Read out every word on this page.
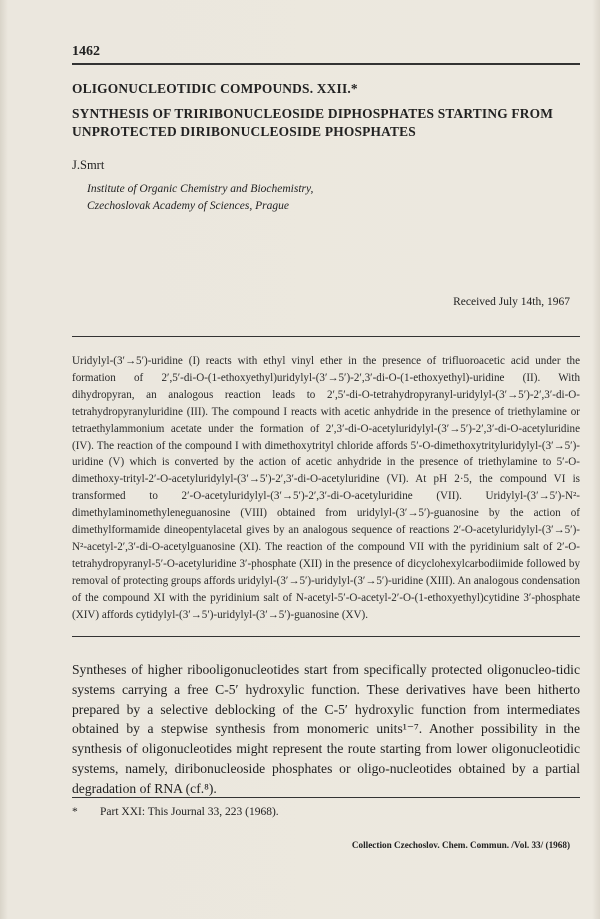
1462
OLIGONUCLEOTIDIC COMPOUNDS. XXII.*
SYNTHESIS OF TRIRIBONUCLEOSIDE DIPHOSPHATES STARTING FROM UNPROTECTED DIRIBONUCLEOSIDE PHOSPHATES
J.Smrt
Institute of Organic Chemistry and Biochemistry,
Czechoslovak Academy of Sciences, Prague
Received July 14th, 1967
Uridylyl-(3′→5′)-uridine (I) reacts with ethyl vinyl ether in the presence of trifluoroacetic acid under the formation of 2′,5′-di-O-(1-ethoxyethyl)uridylyl-(3′→5′)-2′,3′-di-O-(1-ethoxyethyl)-uridine (II). With dihydropyran, an analogous reaction leads to 2′,5′-di-O-tetrahydropyranyl-uridylyl-(3′→5′)-2′,3′-di-O-tetrahydropyranyluridine (III). The compound I reacts with acetic anhydride in the presence of triethylamine or tetraethylammonium acetate under the formation of 2′,3′-di-O-acetyluridylyl-(3′→5′)-2′,3′-di-O-acetyluridine (IV). The reaction of the compound I with dimethoxytrityl chloride affords 5′-O-dimethoxytrityluridylyl-(3′→5′)-uridine (V) which is converted by the action of acetic anhydride in the presence of triethylamine to 5′-O-dimethoxy-trityl-2′-O-acetyluridylyl-(3′→5′)-2′,3′-di-O-acetyluridine (VI). At pH 2·5, the compound VI is transformed to 2′-O-acetyluridylyl-(3′→5′)-2′,3′-di-O-acetyluridine (VII). Uridylyl-(3′→5′)-N²-dimethylaminomethyleneguanosine (VIII) obtained from uridylyl-(3′→5′)-guanosine by the action of dimethylformamide dineopentylacetal gives by an analogous sequence of reactions 2′-O-acetyluridylyl-(3′→5′)-N²-acetyl-2′,3′-di-O-acetylguanosine (XI). The reaction of the compound VII with the pyridinium salt of 2′-O-tetrahydropyranyl-5′-O-acetyluridine 3′-phosphate (XII) in the presence of dicyclohexylcarbodiimide followed by removal of protecting groups affords uridylyl-(3′→5′)-uridylyl-(3′→5′)-uridine (XIII). An analogous condensation of the compound XI with the pyridinium salt of N-acetyl-5′-O-acetyl-2′-O-(1-ethoxyethyl)cytidine 3′-phosphate (XIV) affords cytidylyl-(3′→5′)-uridylyl-(3′→5′)-guanosine (XV).
Syntheses of higher ribooligonucleotides start from specifically protected oligonucleo-tidic systems carrying a free C-5′ hydroxylic function. These derivatives have been hitherto prepared by a selective deblocking of the C-5′ hydroxylic function from intermediates obtained by a stepwise synthesis from monomeric units¹⁻⁷. Another possibility in the synthesis of oligonucleotides might represent the route starting from lower oligonucleotidic systems, namely, diribonucleoside phosphates or oligo-nucleotides obtained by a partial degradation of RNA (cf.⁸).
* Part XXI: This Journal 33, 223 (1968).
Collection Czechoslov. Chem. Commun. /Vol. 33/ (1968)
